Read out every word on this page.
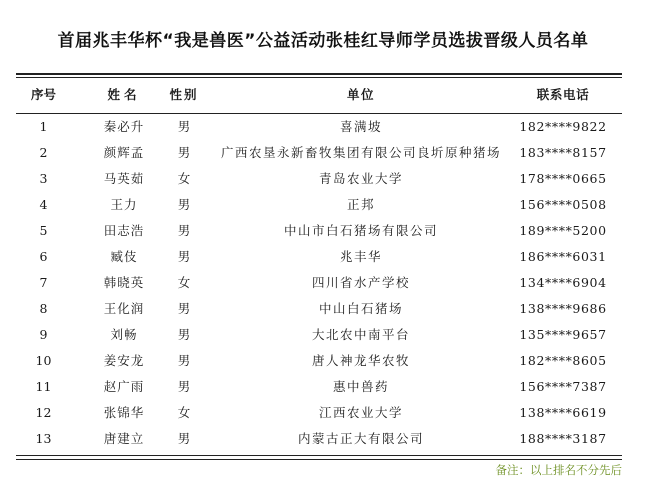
首届兆丰华杯“我是兽医”公益活动张桂红导师学员选拔晋级人员名单
序号	姓名	性别	单位	联系电话
1	秦必升	男	喜满坡	182****9822
2	颜辉孟	男	广西农垦永新畜牧集团有限公司良圻原种猪场	183****8157
3	马英茹	女	青岛农业大学	178****0665
4	王力	男	正邦	156****0508
5	田志浩	男	中山市白石猪场有限公司	189****5200
6	臧伎	男	兆丰华	186****6031
7	韩晓英	女	四川省水产学校	134****6904
8	王化润	男	中山白石猪场	138****9686
9	刘畅	男	大北农中南平台	135****9657
10	姜安龙	男	唐人神龙华农牧	182****8605
11	赵广雨	男	惠中兽药	156****7387
12	张锦华	女	江西农业大学	138****6619
13	唐建立	男	内蒙古正大有限公司	188****3187
备注：以上排名不分先后
